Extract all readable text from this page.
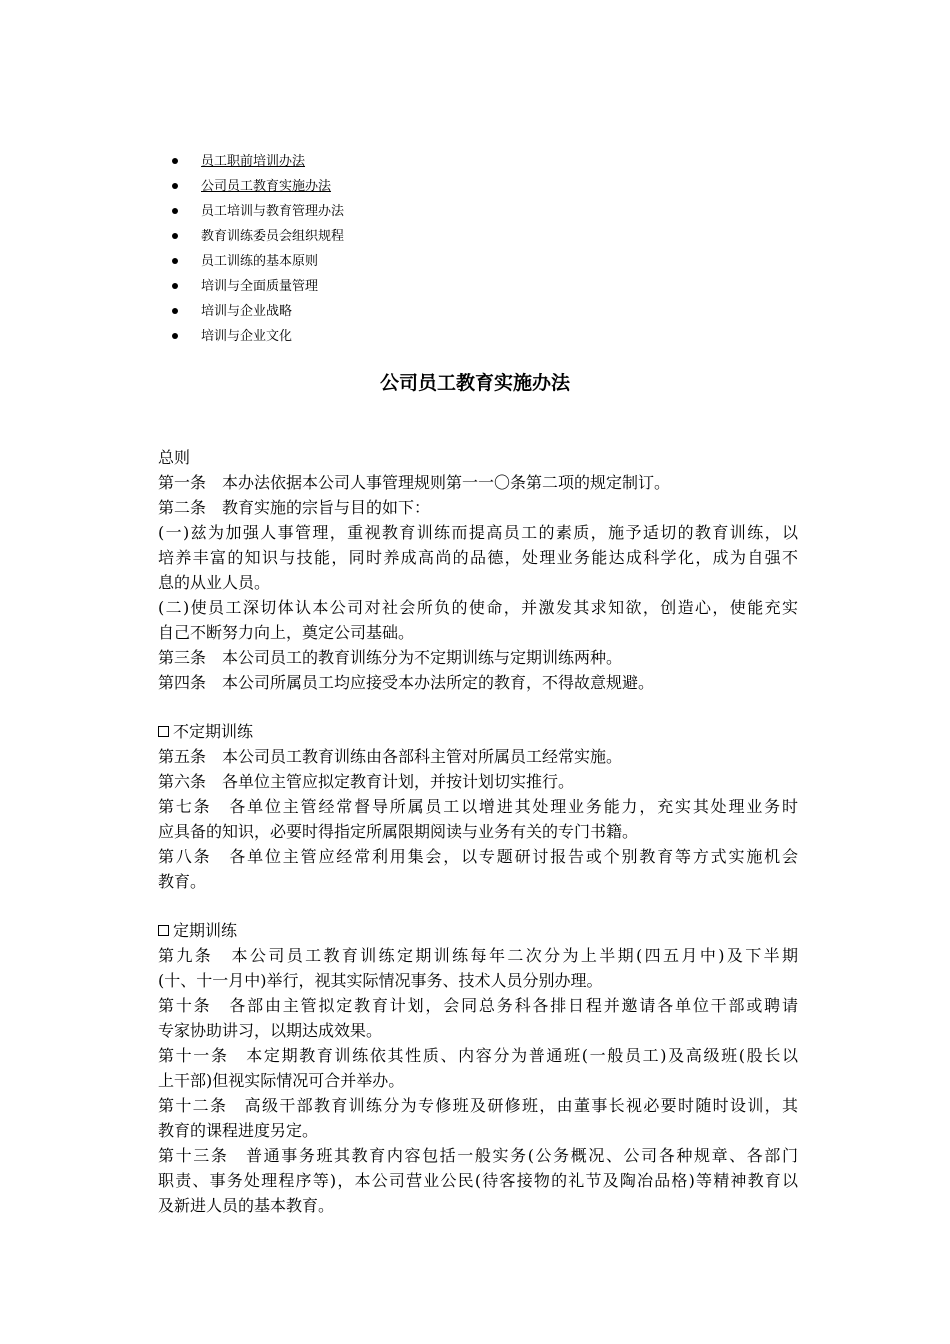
员工职前培训办法
公司员工教育实施办法
员工培训与教育管理办法
教育训练委员会组织规程
员工训练的基本原则
培训与全面质量管理
培训与企业战略
培训与企业文化
公司员工教育实施办法
总则
第一条　本办法依据本公司人事管理规则第一一〇条第二项的规定制订。
第二条　教育实施的宗旨与目的如下：
(一)兹为加强人事管理，重视教育训练而提高员工的素质，施予适切的教育训练，以
培养丰富的知识与技能，同时养成高尚的品德，处理业务能达成科学化，成为自强不
息的从业人员。
(二)使员工深切体认本公司对社会所负的使命，并激发其求知欲，创造心，使能充实
自己不断努力向上，奠定公司基础。
第三条　本公司员工的教育训练分为不定期训练与定期训练两种。
第四条　本公司所属员工均应接受本办法所定的教育，不得故意规避。
不定期训练
第五条　本公司员工教育训练由各部科主管对所属员工经常实施。
第六条　各单位主管应拟定教育计划，并按计划切实推行。
第七条　各单位主管经常督导所属员工以增进其处理业务能力，充实其处理业务时
应具备的知识，必要时得指定所属限期阅读与业务有关的专门书籍。
第八条　各单位主管应经常利用集会，以专题研讨报告或个别教育等方式实施机会
教育。
定期训练
第九条　本公司员工教育训练定期训练每年二次分为上半期(四五月中)及下半期
(十、十一月中)举行，视其实际情况事务、技术人员分别办理。
第十条　各部由主管拟定教育计划，会同总务科各排日程并邀请各单位干部或聘请
专家协助讲习，以期达成效果。
第十一条　本定期教育训练依其性质、内容分为普通班(一般员工)及高级班(股长以
上干部)但视实际情况可合并举办。
第十二条　高级干部教育训练分为专修班及研修班，由董事长视必要时随时设训，其
教育的课程进度另定。
第十三条　普通事务班其教育内容包括一般实务(公务概况、公司各种规章、各部门
职责、事务处理程序等)，本公司营业公民(待客接物的礼节及陶冶品格)等精神教育以
及新进人员的基本教育。
